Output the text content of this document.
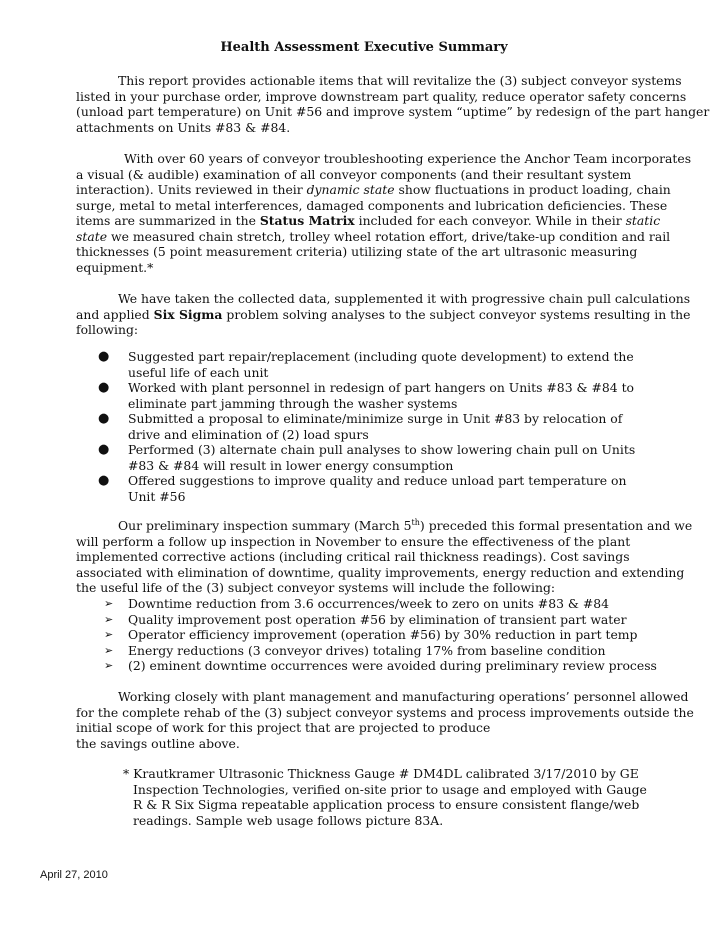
Health Assessment Executive Summary

This report provides actionable items that will revitalize the (3) subject conveyor systems
listed in your purchase order, improve downstream part quality, reduce operator safety concerns
(unload part temperature) on Unit #56 and improve system “uptime” by redesign of the part hanger
attachments on Units #83 & #84.

With over 60 years of conveyor troubleshooting experience the Anchor Team incorporates
a visual (& audible) examination of all conveyor components (and their resultant system
interaction). Units reviewed in their dynamic state show fluctuations in product loading, chain
surge, metal to metal interferences, damaged components and lubrication deficiencies. These
items are summarized in the Status Matrix included for each conveyor. While in their static
state we measured chain stretch, trolley wheel rotation effort, drive/take-up condition and rail
thicknesses (5 point measurement criteria) utilizing state of the art ultrasonic measuring
equipment.*

We have taken the collected data, supplemented it with progressive chain pull calculations
and applied Six Sigma problem solving analyses to the subject conveyor systems resulting in the
following:

● Suggested part repair/replacement (including quote development) to extend the
useful life of each unit
● Worked with plant personnel in redesign of part hangers on Units #83 & #84 to
eliminate part jamming through the washer systems
● Submitted a proposal to eliminate/minimize surge in Unit #83 by relocation of
drive and elimination of (2) load spurs
● Performed (3) alternate chain pull analyses to show lowering chain pull on Units
#83 & #84 will result in lower energy consumption
● Offered suggestions to improve quality and reduce unload part temperature on
Unit #56

Our preliminary inspection summary (March 5th) preceded this formal presentation and we
will perform a follow up inspection in November to ensure the effectiveness of the plant
implemented corrective actions (including critical rail thickness readings). Cost savings
associated with elimination of downtime, quality improvements, energy reduction and extending
the useful life of the (3) subject conveyor systems will include the following:

➢ Downtime reduction from 3.6 occurrences/week to zero on units #83 & #84
➢ Quality improvement post operation #56 by elimination of transient part water
➢ Operator efficiency improvement (operation #56) by 30% reduction in part temp
➢ Energy reductions (3 conveyor drives) totaling 17% from baseline condition
➢ (2) eminent downtime occurrences were avoided during preliminary review process

Working closely with plant management and manufacturing operations’ personnel allowed
for the complete rehab of the (3) subject conveyor systems and process improvements outside the
initial scope of work for this project that are projected to produce
the savings outline above.

* Krautkramer Ultrasonic Thickness Gauge # DM4DL calibrated 3/17/2010 by GE
Inspection Technologies, verified on-site prior to usage and employed with Gauge
R & R Six Sigma repeatable application process to ensure consistent flange/web
readings. Sample web usage follows picture 83A.
April 27, 2010
